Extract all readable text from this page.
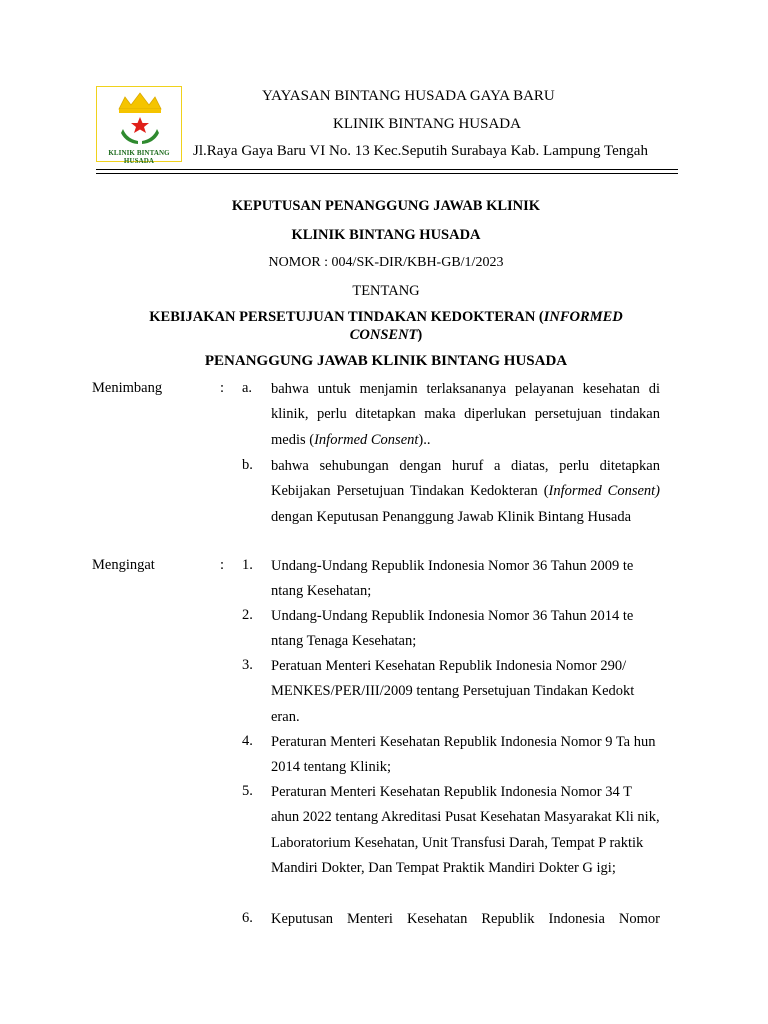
KLINIK BINTANG HUSADA
YAYASAN BINTANG HUSADA GAYA BARU
KLINIK BINTANG HUSADA
Jl.Raya Gaya Baru VI No. 13 Kec.Seputih Surabaya Kab. Lampung Tengah
KEPUTUSAN PENANGGUNG JAWAB KLINIK
KLINIK BINTANG HUSADA
NOMOR : 004/SK-DIR/KBH-GB/1/2023
TENTANG
KEBIJAKAN PERSETUJUAN TINDAKAN KEDOKTERAN (INFORMED CONSENT)
PENANGGUNG JAWAB KLINIK BINTANG HUSADA
Menimbang	: a.	bahwa untuk menjamin terlaksananya pelayanan kesehatan di klinik, perlu ditetapkan maka diperlukan persetujuan tindakan medis (Informed Consent)..
b.	bahwa sehubungan dengan huruf a diatas, perlu ditetapkan Kebijakan Persetujuan Tindakan Kedokteran (Informed Consent) dengan Keputusan Penanggung Jawab Klinik Bintang Husada
Mengingat	: 1.	Undang-Undang Republik Indonesia Nomor 36 Tahun 2009 te ntang Kesehatan;
2.	Undang-Undang Republik Indonesia Nomor 36 Tahun 2014 te ntang Tenaga Kesehatan;
3.	Peratuan Menteri Kesehatan Republik Indonesia Nomor 290/ MENKES/PER/III/2009 tentang Persetujuan Tindakan Kedokt eran.
4.	Peraturan Menteri Kesehatan Republik Indonesia Nomor 9 Ta hun 2014 tentang Klinik;
5.	Peraturan Menteri Kesehatan Republik Indonesia Nomor 34 T ahun 2022 tentang Akreditasi Pusat Kesehatan Masyarakat Kli nik, Laboratorium Kesehatan, Unit Transfusi Darah, Tempat P raktik Mandiri Dokter, Dan Tempat Praktik Mandiri Dokter G igi;
6.	Keputusan Menteri Kesehatan Republik Indonesia Nomor
